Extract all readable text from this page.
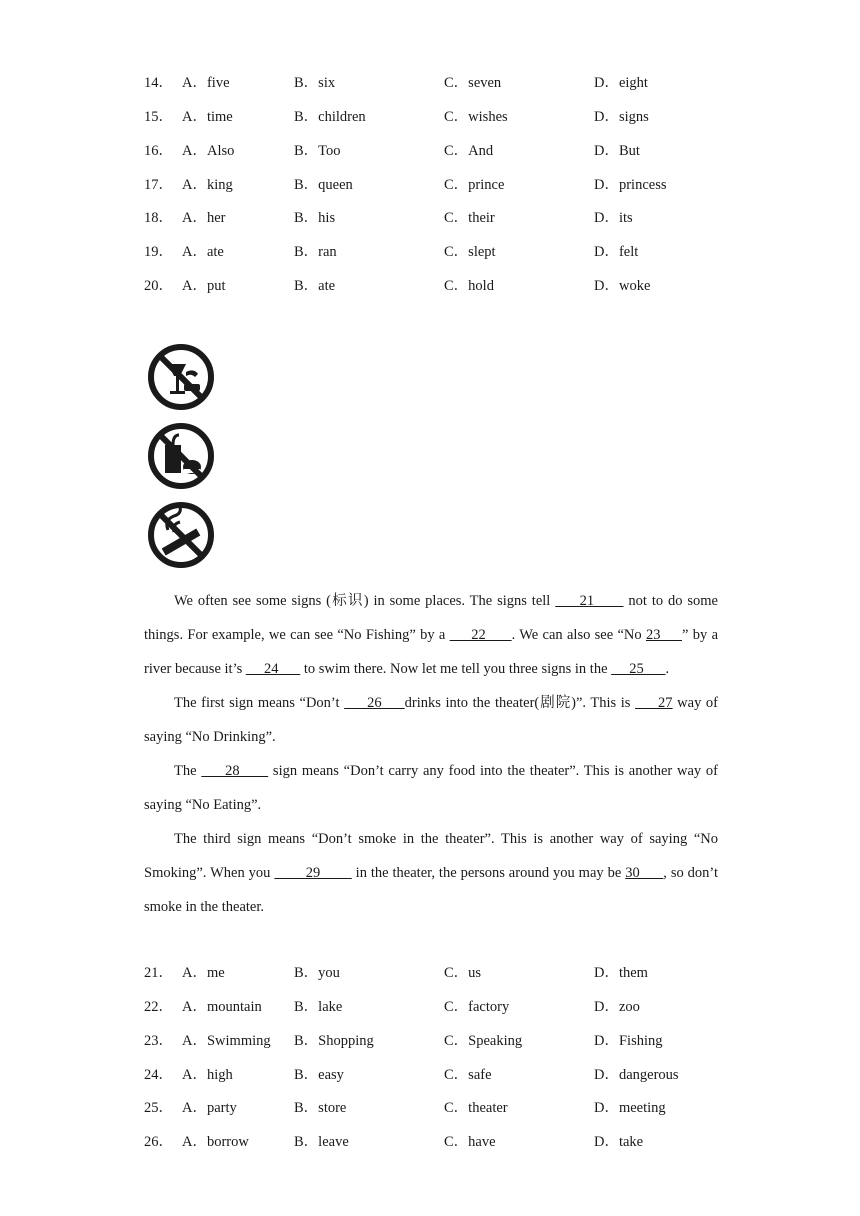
14． A．five	B．six	C．seven	D．eight
15． A．time	B．children	C．wishes	D．signs
16． A．Also	B．Too	C．And	D．But
17． A．king	B．queen	C．prince	D．princess
18． A．her	B．his	C．their	D．its
19． A．ate	B．ran	C．slept	D．felt
20． A．put	B．ate	C．hold	D．woke

We often see some signs (标识) in some places. The signs tell      21       not to do some things. For example, we can see “No Fishing” by a      22      . We can also see “No 23     ” by a river because it’s      24       to swim there. Now let me tell you three signs in the      25      .

The first sign means “Don’t      26     drinks into the theater(剧院)”. This is      27 way of saying “No Drinking”.

The      28       sign means “Don’t carry any food into the theater”. This is another way of saying “No Eating”.

The third sign means “Don’t smoke in the theater”. This is another way of saying “No Smoking”. When you         29         in the theater, the persons around you may be 30      , so don’t smoke in the theater.

21． A．me	B．you	C．us	D．them
22． A．mountain B．lake	C．factory	D．zoo
23． A．Swimming B．Shopping	C．Speaking	D．Fishing
24． A．high	B．easy	C．safe	D．dangerous
25． A．party	B．store	C．theater	D．meeting
26． A．borrow	B．leave	C．have	D．take
